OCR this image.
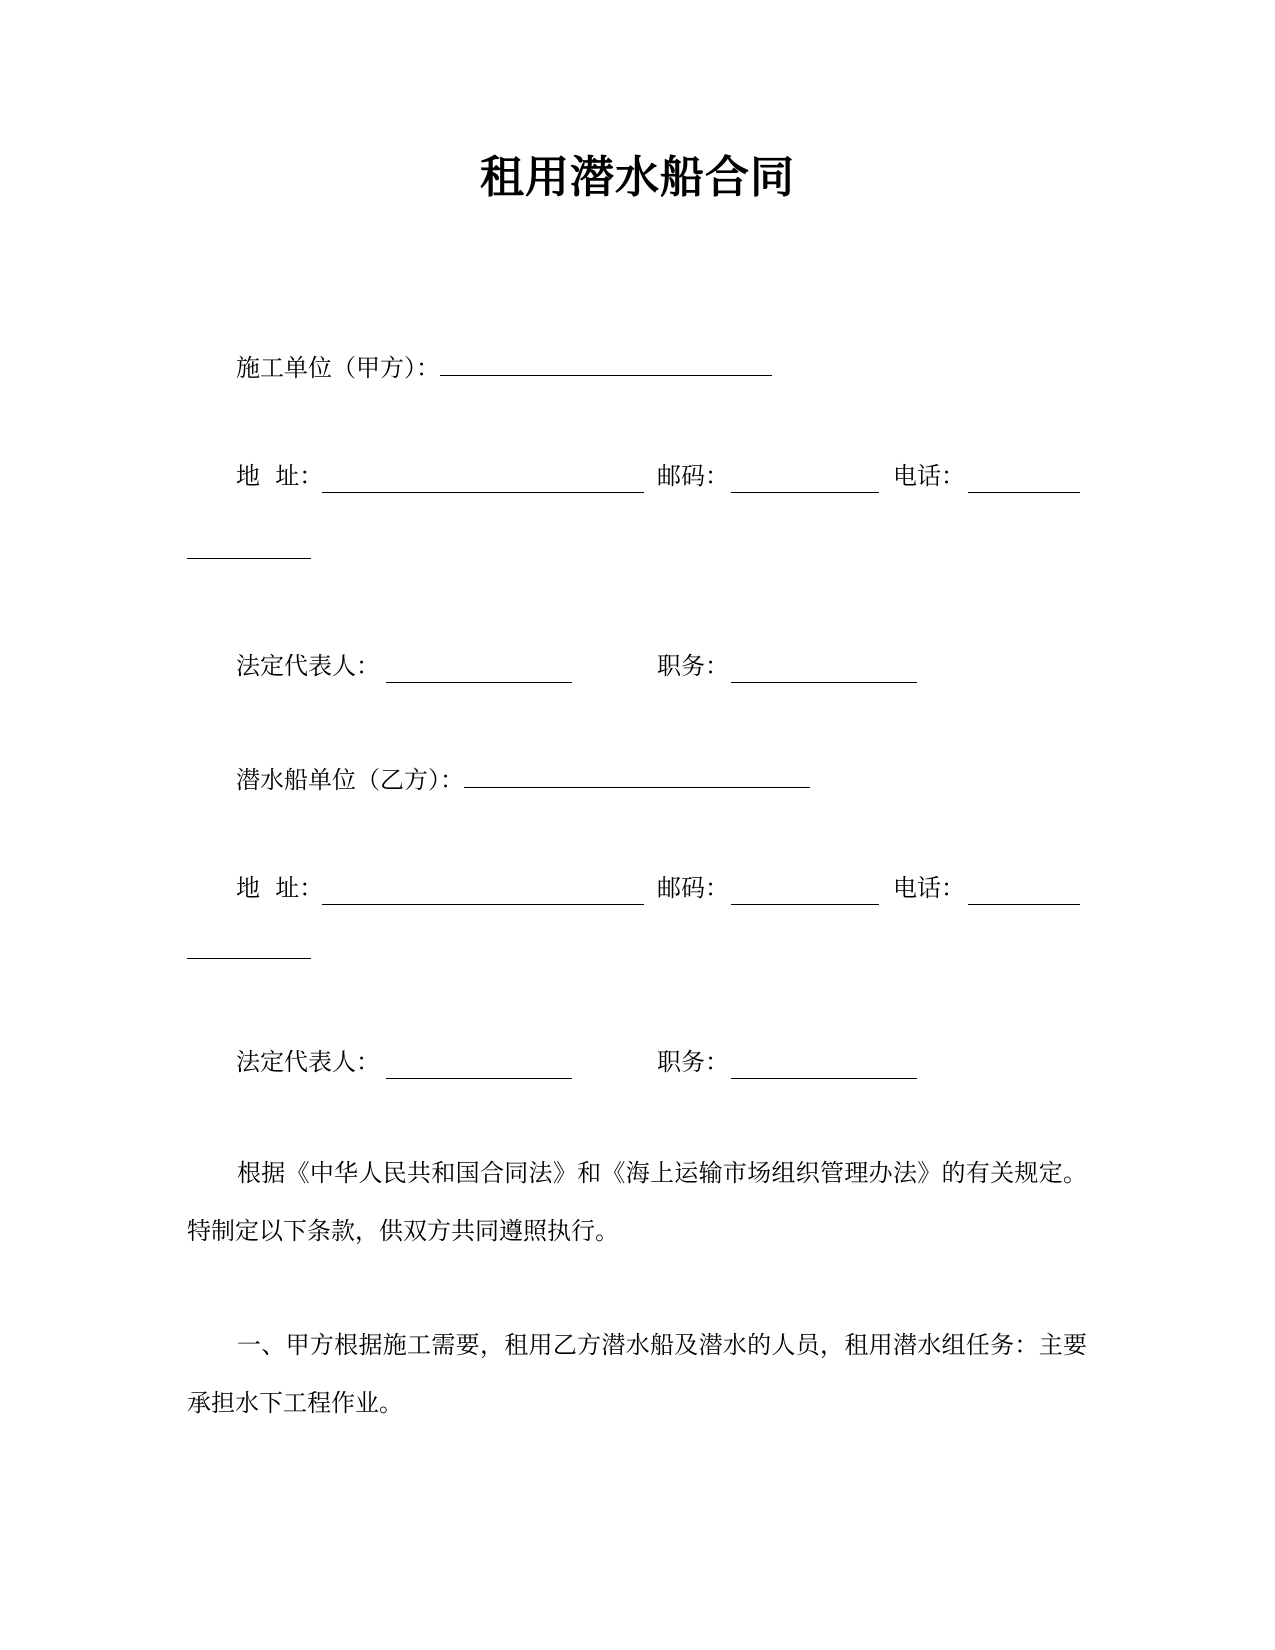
租用潜水船合同
施工单位（甲方）：
地  址：	邮码：	电话：
法定代表人：	职务：
潜水船单位（乙方）：
地  址：	邮码：	电话：
法定代表人：	职务：
根据《中华人民共和国合同法》和《海上运输市场组织管理办法》的有关规定。特制定以下条款，供双方共同遵照执行。
一、甲方根据施工需要，租用乙方潜水船及潜水的人员，租用潜水组任务：主要承担水下工程作业。
